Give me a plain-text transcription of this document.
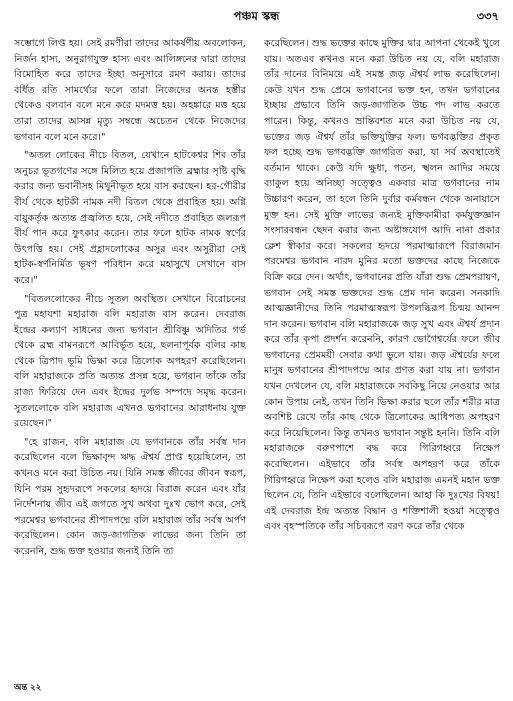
পঞ্চম স্কন্ধ	৩৩৭

সম্ভোগে লিপ্ত হয়। সেই রমণীরা তাদের আকর্ষণীয় অবলোকন, নির্জন হাস্য, অনুরাগযুক্ত হাস্য এবং আলিঙ্গনের দ্বারা তাদের বিমোহিত করে তাদের ইচ্ছা অনুসারে রমণ করায়। তাদের বর্ধিত রতি সামর্থ্যের ফলে তারা নিজেদের অনন্ত হস্তীর থেকেও বলবান বলে মনে করে মদমত্ত হয়। অহঙ্কারে মত্ত হয়ে তারা তাদের আসন্ন মৃত্যু সম্বন্ধে অচেতন থেকে নিজেদের ভগবান বলে মনে করে।"

"অতল লোকের নীচে বিতল, যেখানে হাটকেশ্বর শিব তাঁর অনুচর ভূতগণের সঙ্গে মিলিত হয়ে প্রজাপতি ব্রহ্মার সৃষ্টি বৃদ্ধি করার জন্য ভবানীসহ মিথুনীভূত হয়ে বাস করছেন। হর-গৌরীর বীর্য থেকে হাটকী নামক নদী বিতল থেকে প্রবাহিত হয়। অগ্নি বায়ুকর্তৃক অত্যন্ত প্রজ্বলিত হয়ে, সেই নদীতে প্রবাহিত জলরূপ বীর্য পান করে ফুৎকার করেন। তার ফলে হাটক নামক স্বর্ণের উৎপত্তি হয়। সেই প্রহ্লাদলোকের অসুর এবং অসুরীরা সেই হাটক-স্বর্ণনির্মিত ভূষণ পরিধান করে মহাসুখে সেখানে বাস করে।"

"বিতললোকের নীচে সুতল অবস্থিত। সেখানে বিরোচনের পুত্র মহাযশা মহারাজ বলি মহারাজ বাস করেন। দেবরাজ ইন্দ্রের কল্যাণ সাধনের জন্য ভগবান শ্রীবিষ্ণু অদিতির গর্ভ থেকে ব্রহ্ম বামনরূপে আবির্ভূত হয়ে, ছলনাপূর্বক বলির কাছ থেকে ত্রিপাদ ভূমি ভিক্ষা করে ত্রিলোক অপহরণ করেছিলেন। বলি মহারাজকে প্রতি অত্যন্ত প্রসন্ন হয়ে, ভগবান তাঁকে তাঁর রাজ্য ফিরিয়ে দেন এবং ইন্দ্রের দুর্লভ সম্পদে সমৃদ্ধ করেন। সুতললোকে বলি মহারাজ এখনও ভগবানের আরাধনায় যুক্ত রয়েছেন।"

"হে রাজন, বলি মহারাজ যে ভগবানকে তাঁর সর্বস্ব দান করেছিলেন বলে ভিক্ষাবৃন্দ ঋদ্ধ ঐশ্বর্য প্রাপ্ত হয়েছিলেন, তা কখনও মনে করা উচিত নয়। যিনি সমস্ত জীবের জীবন স্বরূপ, যিনি পরম সুহৃদরূপে সকলের হৃদয়ে বিরাজ করেন এবং যাঁর নির্দেশনায় জীব এই জগতে সুখ অথবা দুঃখ ভোগ করে, সেই পরমেশ্বর ভগবানের শ্রীপাদপদ্মে বলি মহারাজ তাঁর সর্বস্ব অর্পণ করেছিলেন। কোন জড়-জাগতিক লাভের জন্য তিনি তা করেননি, শুদ্ধ ভক্ত হওয়ার জন্যই তিনি তা

করেছিলেন। শুদ্ধ ভক্তের কাছে মুক্তির দ্বার আপনা থেকেই খুলে যায়। অতএব কখনও মনে করা উচিত নয় যে, বলি মহারাজ তাঁর দানের বিনিময়ে এই সমস্ত জড় ঐশ্বর্য লাভ করেছিলেন। কেউ যখন শুদ্ধ প্রেমে ভগবানের ভক্ত হন, তখন ভগবানের ইচ্ছায় প্রভাবে তিনি জড়-জাগতিক উচ্চ পদ লাভ করতে পারেন। কিন্তু, কখনও ভ্রান্তিবশত মনে করা উচিত নয় যে, ভক্তের জড় ঐশ্বর্য তাঁর ভক্তিযুক্তির ফল। ভগবদ্ভক্তির প্রকৃত ফল হচ্ছে শুদ্ধ ভগবদ্ভক্তি জাগরিত করা, যা সর্ব অবস্থাতেই বর্তমান থাকে। কেউ যদি ক্ষুধা, পতন, স্খলন আদির সময়ে ব্যাকুল হয়ে অনিচ্ছা সত্ত্বেও একবার মাত্র ভগবানের নাম উচ্চারণ করেন, তা হলে তিনি দুর্বার কর্মবন্ধন থেকে অনায়াসে মুক্ত হন। সেই মুক্তি লাভের জন্যই মুক্তিকামীরা কর্মযুক্তজ্ঞান সংসারবন্ধন ছেদন করার জন্য অষ্টাঙ্গযোগ আদি নানা প্রকার ক্লেশ স্বীকার করে। সকলের হৃদয়ে পরমাত্মারূপে বিরাজমান পরমেশ্বর ভগবান নারদ মুনির মতো ভক্তদের কাছে নিজেকে বিক্রি করে দেন। অর্থাৎ, ভগবানের প্রতি যাঁরা শুদ্ধ প্রেমপরায়ণ, ভগবান সেই সমস্ত ভক্তদের শুদ্ধ প্রেম দান করেন। সনকাদি আত্মজ্ঞানীদের তিনি পরমাত্মস্বরূপ উপলব্ধিরূপ চিন্ময় আনন্দ দান করেন। ভগবান বলি মহারাজকে জড় সুখ এবং ঐশ্বর্য প্রদান করে তাঁর কৃপা প্রদর্শন করেননি, কারণ ভোগৈশ্বর্যের ফলে জীব ভগবানের প্রেমময়ী সেবার কথা ভুলে যায়। জড় ঐশ্বর্যের ফলে মানুষ ভগবানের শ্রীপাদপদ্মে আর প্রণত করা যায় না। ভগবান যখন দেখলেন যে, বলি মহারাজকে সবকিছু নিয়ে নেওয়ার আর কোন উপায় নেই, তখন তিনি ভিক্ষা করার ছলে তাঁর শরীর মাত্র অবশিষ্ট রেখে তাঁর কাছ থেকে ত্রিলোকের আধিপত্য অপহরণ করে নিয়েছিলেন। কিন্তু তখনও ভগবান সন্তুষ্ট হননি। তিনি বলি মহারাজকে বরুণপাশে বদ্ধ করে গিরিগহ্বরে নিক্ষেপ করেছিলেন। এইভাবে তাঁর সর্বস্ব অপহরণ করে তাঁকে গিরিগহ্বরে নিক্ষেপ করা হলেও বলি মহারাজ এমনই মহান ভক্ত ছিলেন যে, তিনি এইভাবে বলেছিলেন। আহা কি দুঃখের বিষয়! এই দেবরাজ ইন্দ্র অত্যন্ত বিদ্বান ও শক্তিশালী হওয়া সত্ত্বেও এবং বৃহস্পতিকে তাঁর সচিবরূপে বরণ করে তাঁর থেকে

অন্ত ২২
